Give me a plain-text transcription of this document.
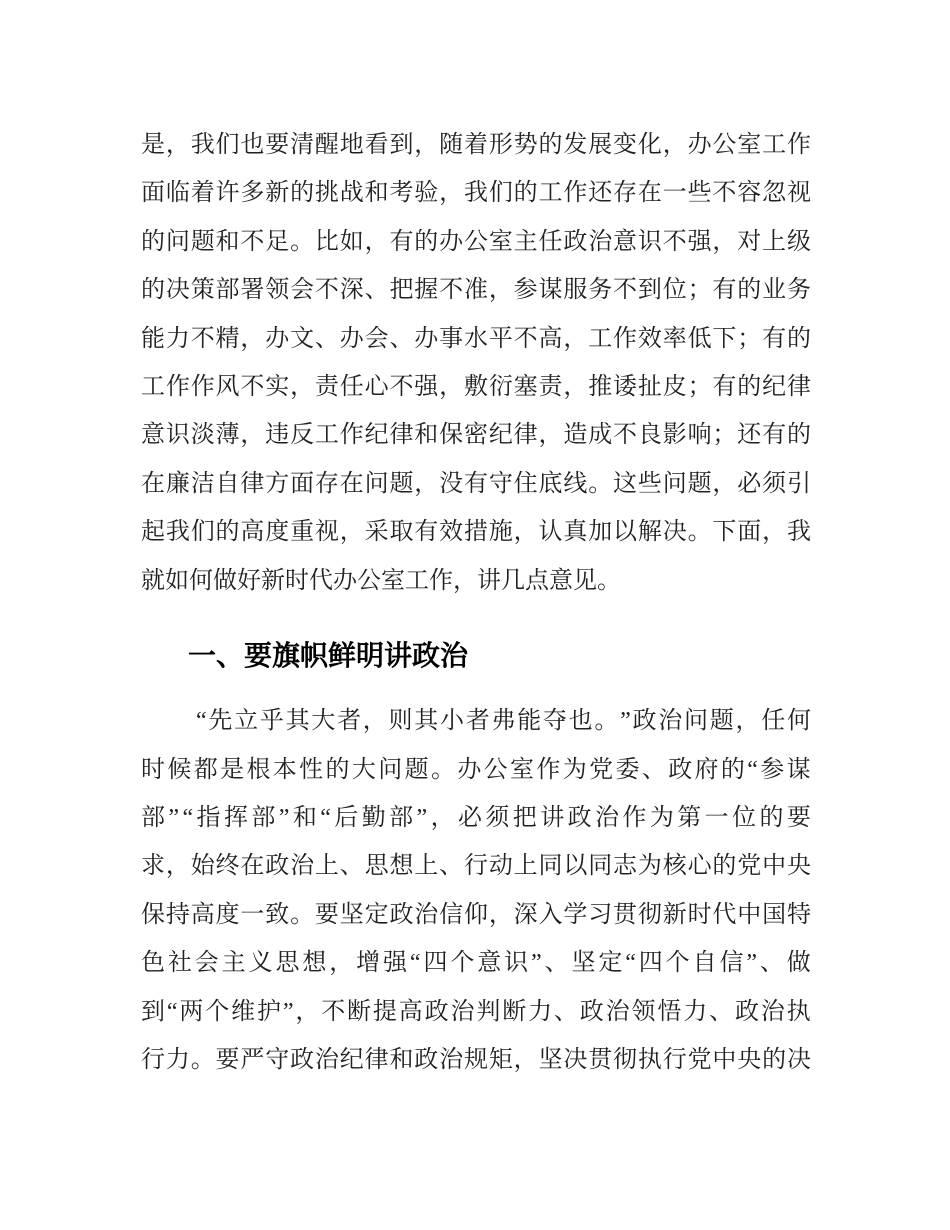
是 ， 我 们 也 要 清 醒 地 看 到 ， 随 着 形 势 的 发 展 变 化 ， 办 公 室 工 作
面 临 着 许 多 新 的 挑 战 和 考 验 ， 我 们 的 工 作 还 存 在 一 些 不 容 忽 视
的 问 题 和 不 足 。 比 如 ， 有 的 办 公 室 主 任 政 治 意 识 不 强 ， 对 上 级
的 决 策 部 署 领 会 不 深 、 把 握 不 准 ， 参 谋 服 务 不 到 位 ； 有 的 业 务
能 力 不 精 ， 办 文 、 办 会 、 办 事 水 平 不 高 ， 工 作 效 率 低 下 ； 有 的
工 作 作 风 不 实 ， 责 任 心 不 强 ， 敷 衍 塞 责 ， 推 诿 扯 皮 ； 有 的 纪 律
意 识 淡 薄 ， 违 反 工 作 纪 律 和 保 密 纪 律 ， 造 成 不 良 影 响 ； 还 有 的
在 廉 洁 自 律 方 面 存 在 问 题 ， 没 有 守 住 底 线 。 这 些 问 题 ， 必 须 引
起 我 们 的 高 度 重 视 ， 采 取 有 效 措 施 ， 认 真 加 以 解 决 。 下 面 ， 我
就如何做好新时代办公室工作，讲几点意见。
一、要旗帜鲜明讲政治
“ 先 立 乎 其 大 者 ， 则 其 小 者 弗 能 夺 也 。 ” 政 治 问 题 ， 任 何
时 候 都 是 根 本 性 的 大 问 题 。 办 公 室 作 为 党 委 、 政 府 的 “ 参 谋
部 ” “ 指 挥 部 ” 和 “ 后 勤 部 ” ， 必 须 把 讲 政 治 作 为 第 一 位 的 要
求 ， 始 终 在 政 治 上 、 思 想 上 、 行 动 上 同 以 同 志 为 核 心 的 党 中 央
保 持 高 度 一 致 。 要 坚 定 政 治 信 仰 ， 深 入 学 习 贯 彻 新 时 代 中 国 特
色 社 会 主 义 思 想 ， 增 强 “ 四 个 意 识 ” 、 坚 定 “ 四 个 自 信 ” 、 做
到 “ 两 个 维 护 ” ， 不 断 提 高 政 治 判 断 力 、 政 治 领 悟 力 、 政 治 执
行 力 。 要 严 守 政 治 纪 律 和 政 治 规 矩 ， 坚 决 贯 彻 执 行 党 中 央 的 决
